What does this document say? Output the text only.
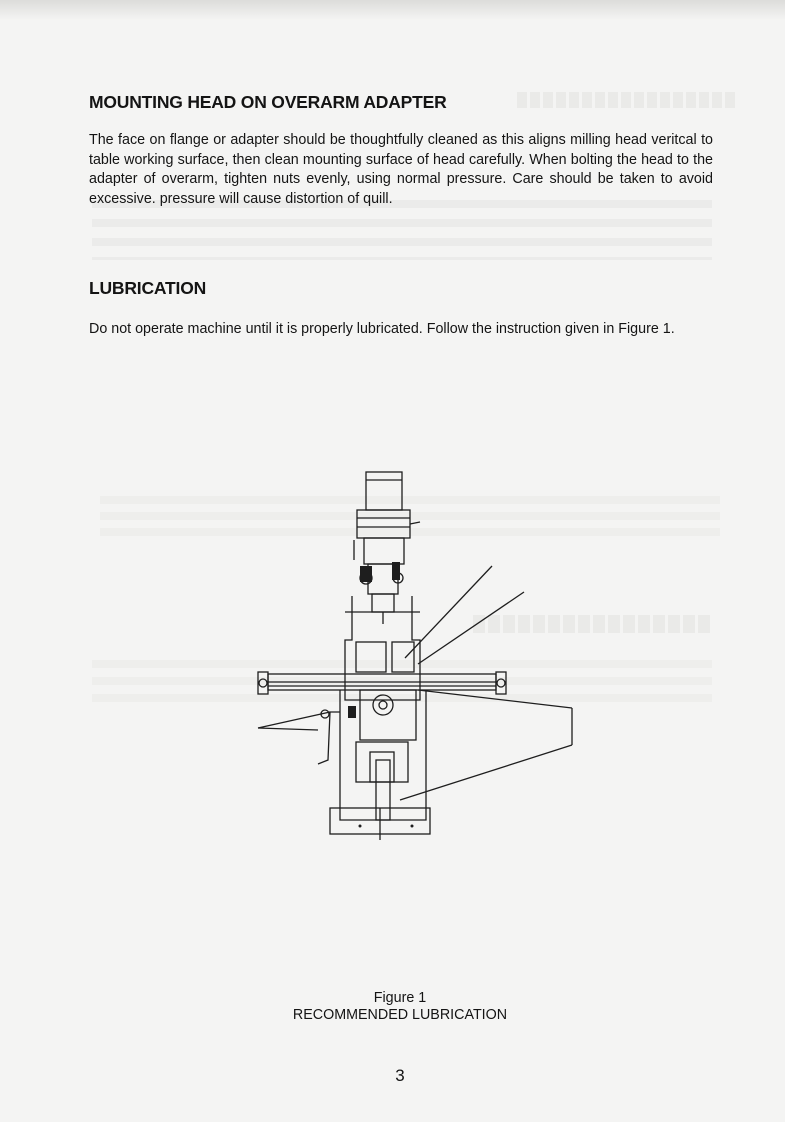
MOUNTING HEAD ON OVERARM ADAPTER

The face on flange or adapter should be thoughtfully cleaned as this aligns milling head veritcal to table working surface, then clean mounting surface of head carefully. When bolting the head to the adapter of overarm, tighten nuts evenly, using normal pressure. Care should be taken to avoid excessive. pressure will cause distortion of quill.

LUBRICATION

Do not operate machine until it is properly lubricated. Follow the instruction given in Figure 1.

Figure 1
RECOMMENDED LUBRICATION
3
